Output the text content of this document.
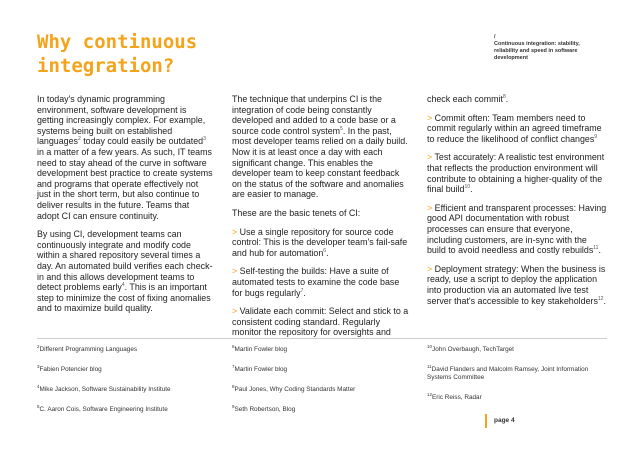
Why continuous integration?
/
Continuous integration: stability, reliability and speed in software development

In today's dynamic programming environment, software development is getting increasingly complex. For example, systems being built on established languages$^2$ today could easily be outdated$^3$ in a matter of a few years. As such, IT teams need to stay ahead of the curve in software development best practice to create systems and programs that operate effectively not just in the short term, but also continue to deliver results in the future. Teams that adopt CI can ensure continuity.

By using CI, development teams can continuously integrate and modify code within a shared repository several times a day. An automated build verifies each check-in and this allows development teams to detect problems early$^4$. This is an important step to minimize the cost of fixing anomalies and to maximize build quality.

The technique that underpins CI is the integration of code being constantly developed and added to a code base or a source code control system$^5$. In the past, most developer teams relied on a daily build. Now it is at least once a day with each significant change. This enables the developer team to keep constant feedback on the status of the software and anomalies are easier to manage.

These are the basic tenets of CI:

> Use a single repository for source code control: This is the developer team's fail-safe and hub for automation$^6$.

> Self-testing the builds: Have a suite of automated tests to examine the code base for bugs regularly$^7$.

> Validate each commit: Select and stick to a consistent coding standard. Regularly monitor the repository for oversights and

check each commit$^8$.

> Commit often: Team members need to commit regularly within an agreed timeframe to reduce the likelihood of conflict changes$^9$

> Test accurately: A realistic test environment that reflects the production environment will contribute to obtaining a higher-quality of the final build$^{10}$.

> Efficient and transparent processes: Having good API documentation with robust processes can ensure that everyone, including customers, are in-sync with the build to avoid needless and costly rebuilds$^{11}$.

> Deployment strategy: When the business is ready, use a script to deploy the application into production via an automated live test server that's accessible to key stakeholders$^{12}$.

$^2$Different Programming Languages
$^3$Fabien Potencier blog
$^4$Mike Jackson, Software Sustainability Institute
$^5$C. Aaron Cois, Software Engineering Institute
$^6$Martin Fowler blog
$^7$Martin Fowler blog
$^8$Paul Jones, Why Coding Standards Matter
$^9$Seth Robertson, Blog
$^{10}$John Overbaugh, TechTarget
$^{11}$David Flanders and Malcolm Ramsey, Joint Information Systems Committee
$^{12}$Eric Reiss, Radar
page 4
